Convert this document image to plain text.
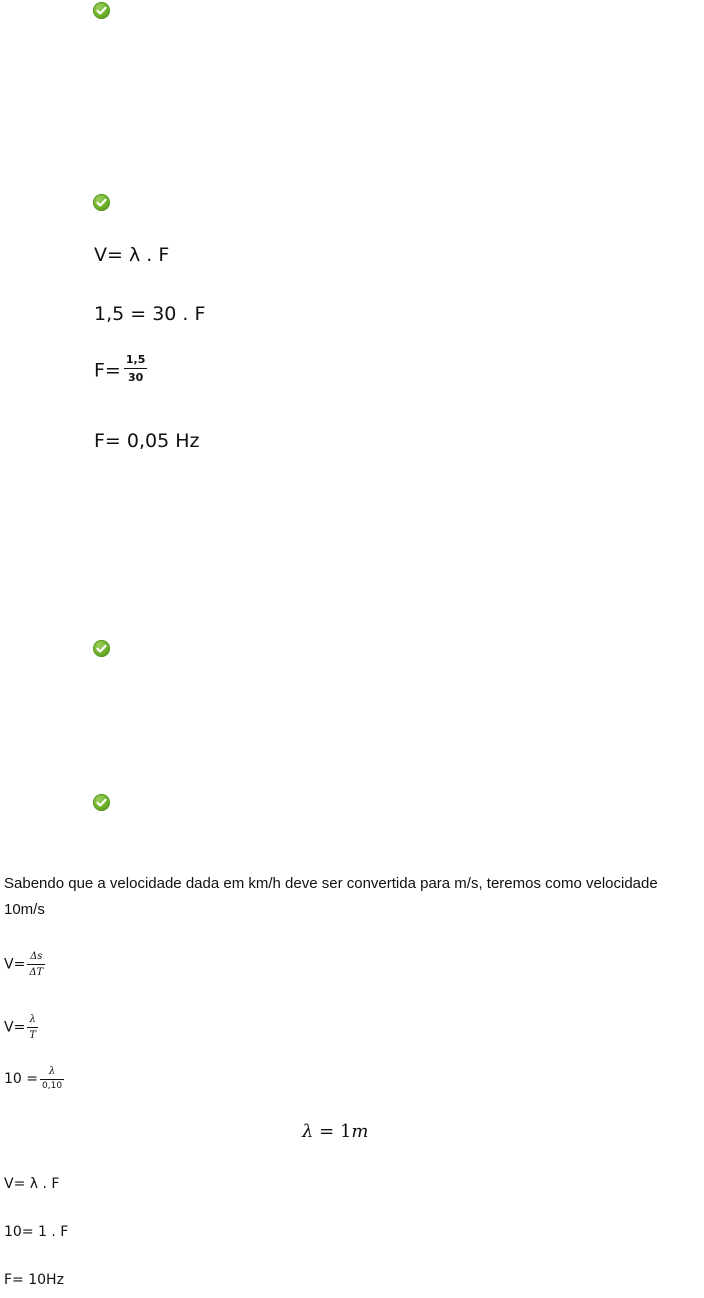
V= λ . F
1,5 = 30 . F
$F= \frac{1,5}{30}$
F= 0,05 Hz
Sabendo que a velocidade dada em km/h deve ser convertida para m/s, teremos como velocidade 10m/s
$V= \frac{\Delta s}{\Delta T}$
$V= \frac{\lambda}{T}$
$10 = \frac{\lambda}{0,10}$
λ = 1m
V= λ . F
10= 1 . F
F= 10Hz
